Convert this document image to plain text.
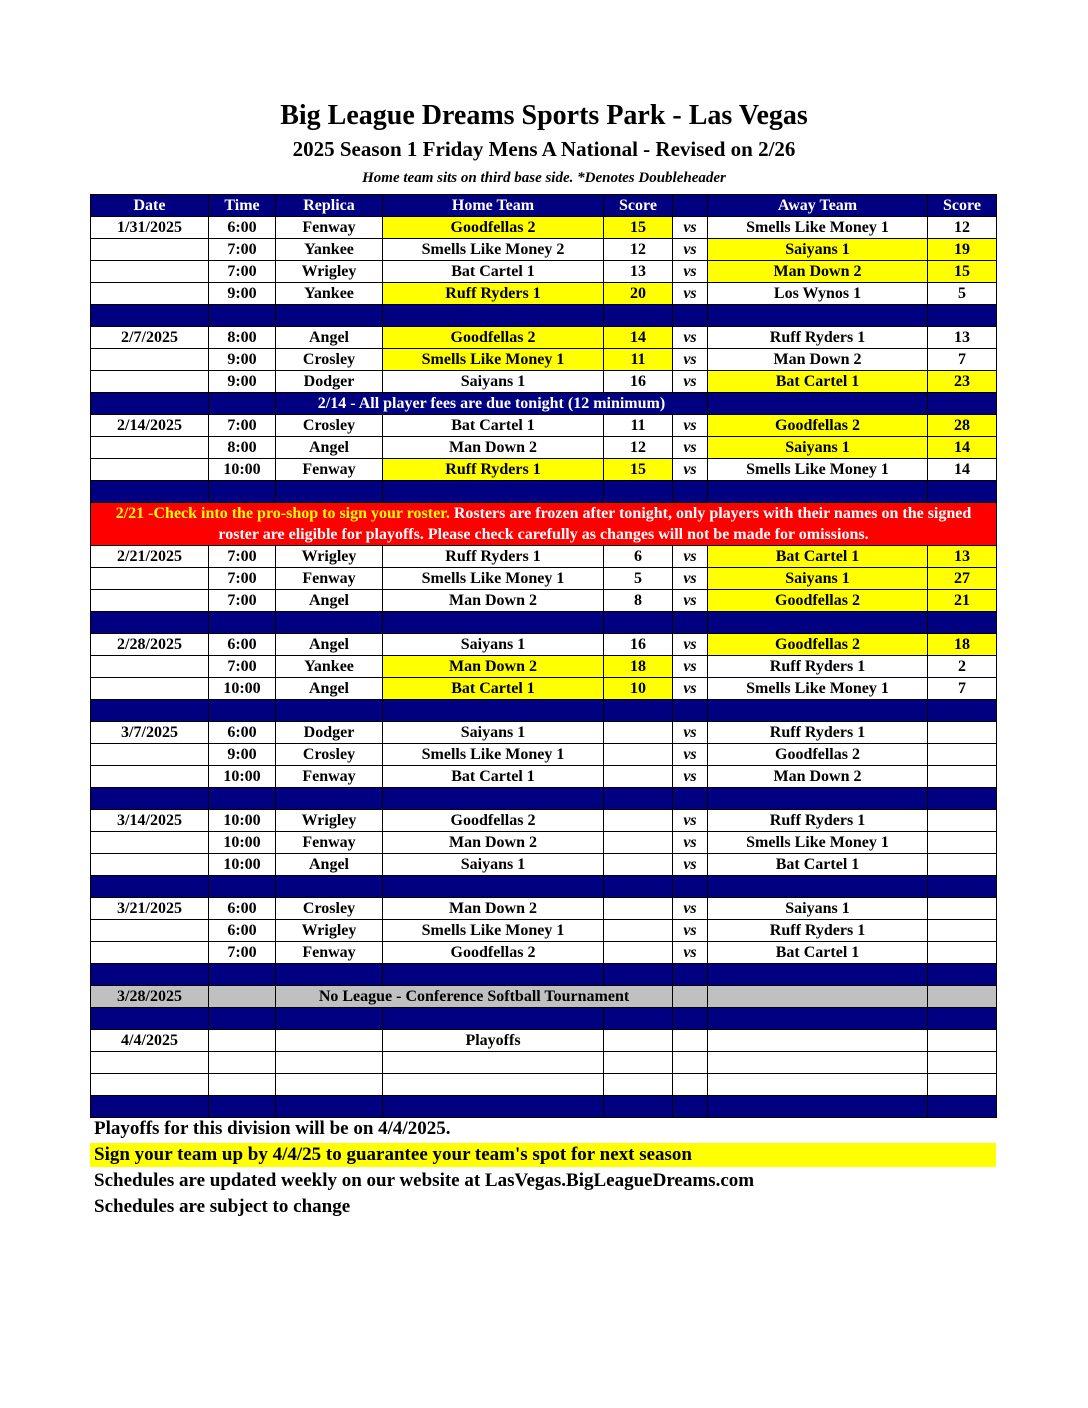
Big League Dreams Sports Park - Las Vegas
2025 Season 1 Friday Mens A National - Revised on 2/26
Home team sits on third base side. *Denotes Doubleheader
Date	Time	Replica	Home Team	Score		Away Team	Score
1/31/2025	6:00	Fenway	Goodfellas 2	15	vs	Smells Like Money 1	12
	7:00	Yankee	Smells Like Money 2	12	vs	Saiyans 1	19
	7:00	Wrigley	Bat Cartel 1	13	vs	Man Down 2	15
	9:00	Yankee	Ruff Ryders 1	20	vs	Los Wynos 1	5

2/7/2025	8:00	Angel	Goodfellas 2	14	vs	Ruff Ryders 1	13
	9:00	Crosley	Smells Like Money 1	11	vs	Man Down 2	7
	9:00	Dodger	Saiyans 1	16	vs	Bat Cartel 1	23
		2/14 - All player fees are due tonight (12 minimum)					
2/14/2025	7:00	Crosley	Bat Cartel 1	11	vs	Goodfellas 2	28
	8:00	Angel	Man Down 2	12	vs	Saiyans 1	14
	10:00	Fenway	Ruff Ryders 1	15	vs	Smells Like Money 1	14

2/21 -Check into the pro-shop to sign your roster. Rosters are frozen after tonight, only players with their names on the signed roster are eligible for playoffs. Please check carefully as changes will not be made for omissions.							
2/21/2025	7:00	Wrigley	Ruff Ryders 1	6	vs	Bat Cartel 1	13
	7:00	Fenway	Smells Like Money 1	5	vs	Saiyans 1	27
	7:00	Angel	Man Down 2	8	vs	Goodfellas 2	21

2/28/2025	6:00	Angel	Saiyans 1	16	vs	Goodfellas 2	18
	7:00	Yankee	Man Down 2	18	vs	Ruff Ryders 1	2
	10:00	Angel	Bat Cartel 1	10	vs	Smells Like Money 1	7

3/7/2025	6:00	Dodger	Saiyans 1		vs	Ruff Ryders 1	
	9:00	Crosley	Smells Like Money 1		vs	Goodfellas 2	
	10:00	Fenway	Bat Cartel 1		vs	Man Down 2	

3/14/2025	10:00	Wrigley	Goodfellas 2		vs	Ruff Ryders 1	
	10:00	Fenway	Man Down 2		vs	Smells Like Money 1	
	10:00	Angel	Saiyans 1		vs	Bat Cartel 1	

3/21/2025	6:00	Crosley	Man Down 2		vs	Saiyans 1	
	6:00	Wrigley	Smells Like Money 1		vs	Ruff Ryders 1	
	7:00	Fenway	Goodfellas 2		vs	Bat Cartel 1	

3/28/2025		No League - Conference Softball Tournament					

4/4/2025			Playoffs				

Playoffs for this division will be on 4/4/2025.
Sign your team up by 4/4/25 to guarantee your team's spot for next season
Schedules are updated weekly on our website at LasVegas.BigLeagueDreams.com
Schedules are subject to change
